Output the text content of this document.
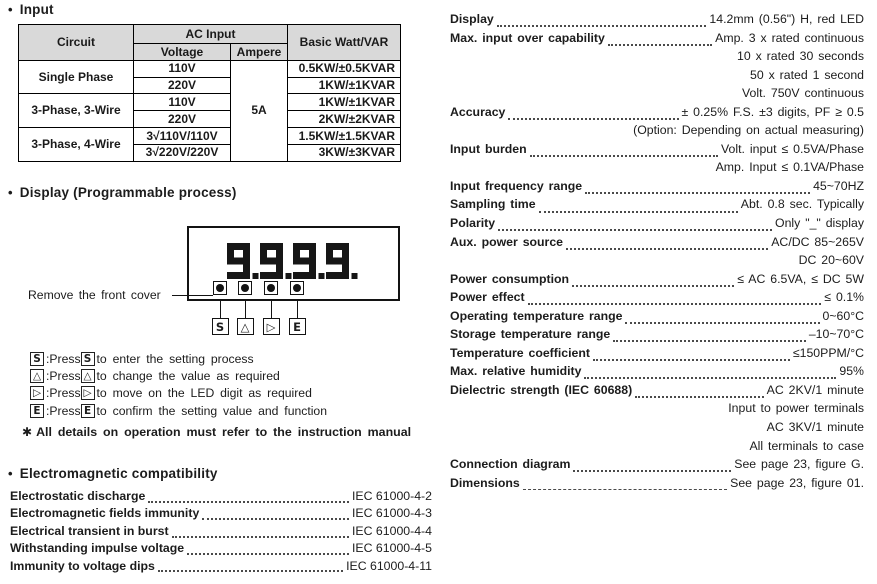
• Input
Circuit	AC Input		Basic Watt/VAR
	Voltage	Ampere	
Single Phase	110V	5A	0.5KW/±0.5KVAR
	220V		1KW/±1KVAR
3-Phase, 3-Wire	110V		1KW/±1KVAR
	220V		2KW/±2KVAR
3-Phase, 4-Wire	3√110V/110V		1.5KW/±1.5KVAR
	3√220V/220V		3KW/±3KVAR
• Display (Programmable process)
S	△	▷	E
Remove the front cover
S :Press S to enter the setting process
△ :Press △ to change the value as required
▷ :Press ▷ to move on the LED digit as required
E :Press E to confirm the setting value and function
✱ All details on operation must refer to the instruction manual
• Electromagnetic compatibility
Electrostatic discharge	IEC 61000-4-2
Electromagnetic fields immunity	IEC 61000-4-3
Electrical transient in burst	IEC 61000-4-4
Withstanding impulse voltage	IEC 61000-4-5
Immunity to voltage dips	IEC 61000-4-11
Display	14.2mm (0.56") H, red LED
Max. input over capability	Amp. 3 x rated continuous
10 x rated 30 seconds
50 x rated 1 second
Volt. 750V continuous
Accuracy	± 0.25% F.S. ±3 digits, PF ≥ 0.5
(Option: Depending on actual measuring)
Input burden	Volt. input ≤ 0.5VA/Phase
Amp. Input ≤ 0.1VA/Phase
Input frequency range	45~70HZ
Sampling time	Abt. 0.8 sec. Typically
Polarity	Only "_" display
Aux. power source	AC/DC 85~265V
DC 20~60V
Power consumption	≤ AC 6.5VA, ≤ DC 5W
Power effect	≤ 0.1%
Operating temperature range	0~60°C
Storage temperature range	–10~70°C
Temperature coefficient	≤150PPM/°C
Max. relative humidity	95%
Dielectric strength (IEC 60688)	AC 2KV/1 minute
Input to power terminals
AC 3KV/1 minute
All terminals to case
Connection diagram	See page 23, figure G.
Dimensions	See page 23, figure 01.
